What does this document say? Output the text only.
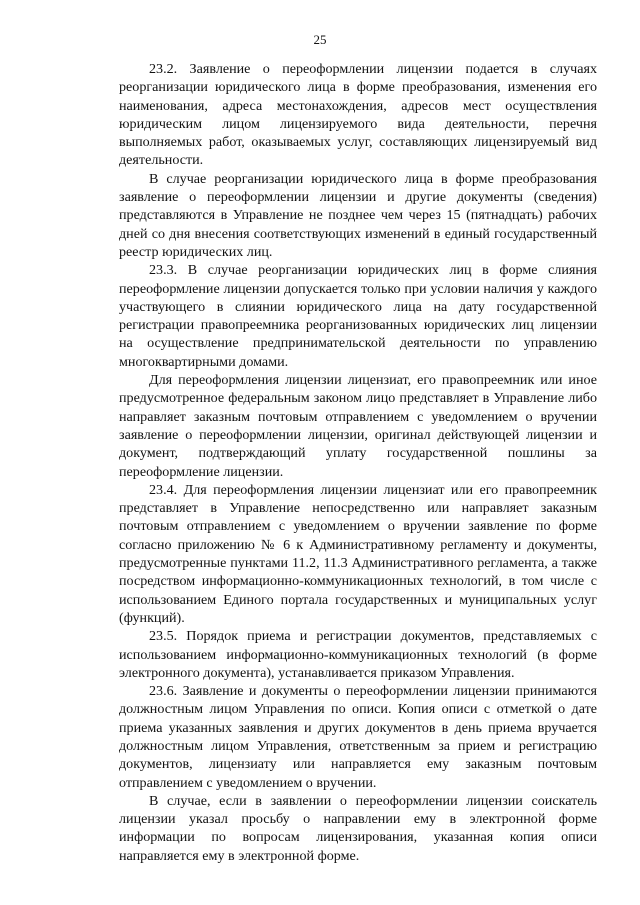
25

23.2. Заявление о переоформлении лицензии подается в случаях реорганизации юридического лица в форме преобразования, изменения его наименования, адреса местонахождения, адресов мест осуществления юридическим лицом лицензируемого вида деятельности, перечня выполняемых работ, оказываемых услуг, составляющих лицензируемый вид деятельности.

В случае реорганизации юридического лица в форме преобразования заявление о переоформлении лицензии и другие документы (сведения) представляются в Управление не позднее чем через 15 (пятнадцать) рабочих дней со дня внесения соответствующих изменений в единый государственный реестр юридических лиц.

23.3. В случае реорганизации юридических лиц в форме слияния переоформление лицензии допускается только при условии наличия у каждого участвующего в слиянии юридического лица на дату государственной регистрации правопреемника реорганизованных юридических лиц лицензии на осуществление предпринимательской деятельности по управлению многоквартирными домами.

Для переоформления лицензии лицензиат, его правопреемник или иное предусмотренное федеральным законом лицо представляет в Управление либо направляет заказным почтовым отправлением с уведомлением о вручении заявление о переоформлении лицензии, оригинал действующей лицензии и документ, подтверждающий уплату государственной пошлины за переоформление лицензии.

23.4. Для переоформления лицензии лицензиат или его правопреемник представляет в Управление непосредственно или направляет заказным почтовым отправлением с уведомлением о вручении заявление по форме согласно приложению № 6 к Административному регламенту и документы, предусмотренные пунктами 11.2, 11.3 Административного регламента, а также посредством информационно-коммуникационных технологий, в том числе с использованием Единого портала государственных и муниципальных услуг (функций).

23.5. Порядок приема и регистрации документов, представляемых с использованием информационно-коммуникационных технологий (в форме электронного документа), устанавливается приказом Управления.

23.6. Заявление и документы о переоформлении лицензии принимаются должностным лицом Управления по описи. Копия описи с отметкой о дате приема указанных заявления и других документов в день приема вручается должностным лицом Управления, ответственным за прием и регистрацию документов, лицензиату или направляется ему заказным почтовым отправлением с уведомлением о вручении.

В случае, если в заявлении о переоформлении лицензии соискатель лицензии указал просьбу о направлении ему в электронной форме информации по вопросам лицензирования, указанная копия описи направляется ему в электронной форме.
